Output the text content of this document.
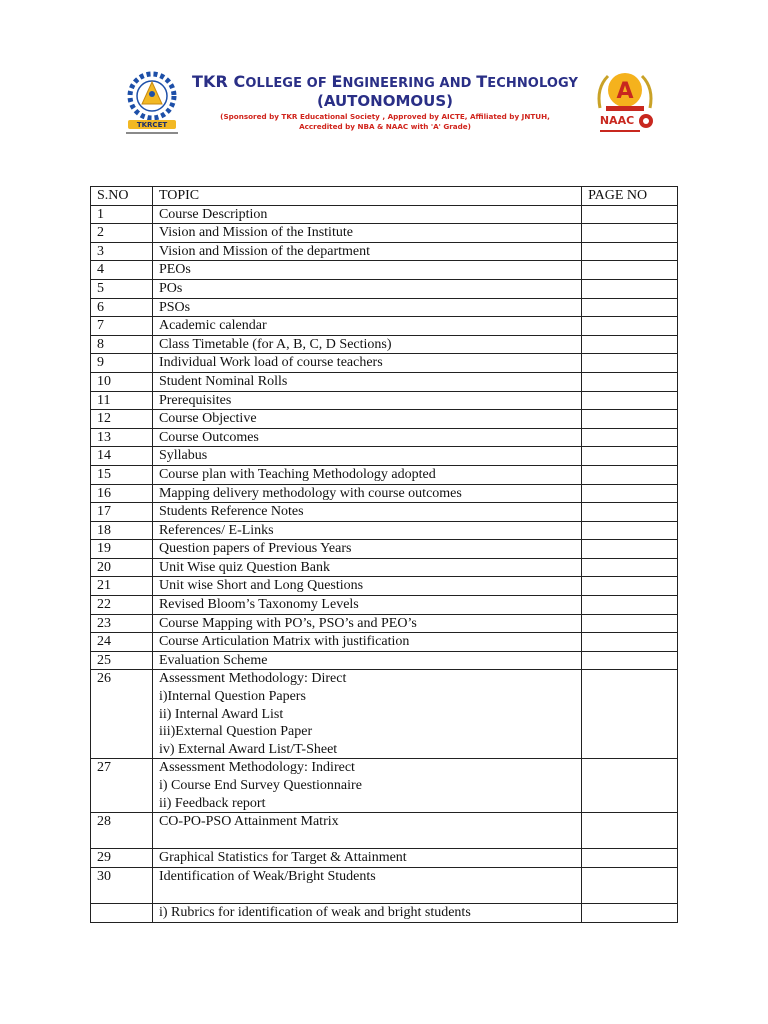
TKRCET
TKR COLLEGE OF ENGINEERING AND TECHNOLOGY
(AUTONOMOUS)
(Sponsored by TKR Educational Society , Approved by AICTE, Affiliated by JNTUH,
Accredited by NBA & NAAC with 'A' Grade)
A
NAAC
S.NO	TOPIC	PAGE NO
1	Course Description	

2	Vision and Mission of the Institute	

3	Vision and Mission of the department	

4	PEOs	

5	POs	

6	PSOs	

7	Academic calendar	

8	Class Timetable (for A, B, C, D Sections)	

9	Individual Work load of course teachers	

10	Student Nominal Rolls	

11	Prerequisites	

12	Course Objective	

13	Course Outcomes	

14	Syllabus	

15	Course plan with Teaching Methodology adopted	

16	Mapping delivery methodology with course outcomes	

17	Students Reference Notes	

18	References/ E-Links	

19	Question papers of Previous Years	

20	Unit Wise quiz Question Bank	

21	Unit wise Short and Long Questions	

22	Revised Bloom’s Taxonomy Levels	

23	Course Mapping with PO’s, PSO’s and PEO’s	

24	Course Articulation Matrix with justification	

25	Evaluation Scheme	

26	Assessment Methodology: Direct
i)Internal Question Papers
ii) Internal Award List
iii)External Question Paper
iv) External Award List/T-Sheet	

27	Assessment Methodology: Indirect
i) Course End Survey Questionnaire
ii) Feedback report	

28	CO-PO-PSO Attainment Matrix	

29	Graphical Statistics for Target & Attainment	

30	Identification of Weak/Bright Students	

	i) Rubrics for identification of weak and bright students	
